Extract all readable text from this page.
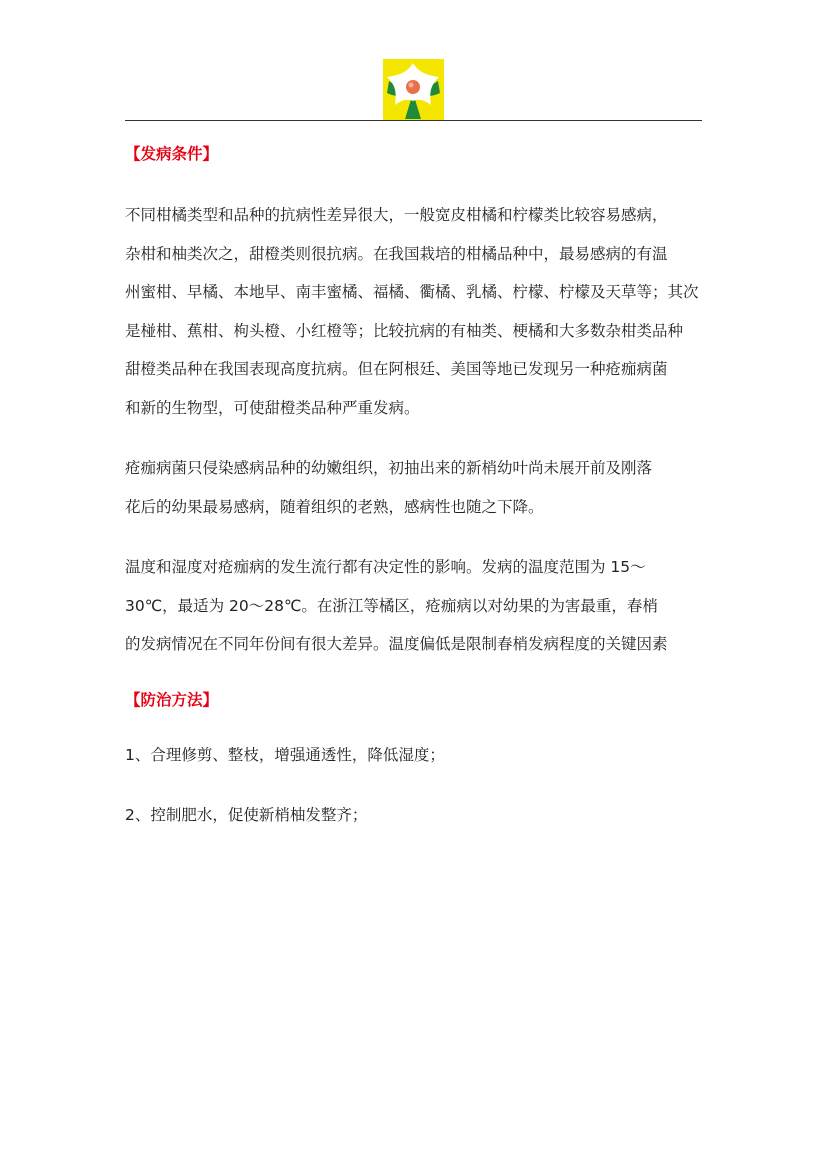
【发病条件】

不同柑橘类型和品种的抗病性差异很大，一般宽皮柑橘和柠檬类比较容易感病，
杂柑和柚类次之，甜橙类则很抗病。在我国栽培的柑橘品种中，最易感病的有温
州蜜柑、早橘、本地早、南丰蜜橘、福橘、衢橘、乳橘、柠檬、柠檬及天草等；其次
是椪柑、蕉柑、枸头橙、小红橙等；比较抗病的有柚类、梗橘和大多数杂柑类品种
甜橙类品种在我国表现高度抗病。但在阿根廷、美国等地已发现另一种疮痂病菌
和新的生物型，可使甜橙类品种严重发病。

疮痂病菌只侵染感病品种的幼嫩组织，初抽出来的新梢幼叶尚未展开前及刚落
花后的幼果最易感病，随着组织的老熟，感病性也随之下降。

温度和湿度对疮痂病的发生流行都有决定性的影响。发病的温度范围为 15～
30℃，最适为 20～28℃。在浙江等橘区，疮痂病以对幼果的为害最重，春梢
的发病情况在不同年份间有很大差异。温度偏低是限制春梢发病程度的关键因素

【防治方法】

1、合理修剪、整枝，增强通透性，降低湿度；

2、控制肥水，促使新梢柚发整齐；
